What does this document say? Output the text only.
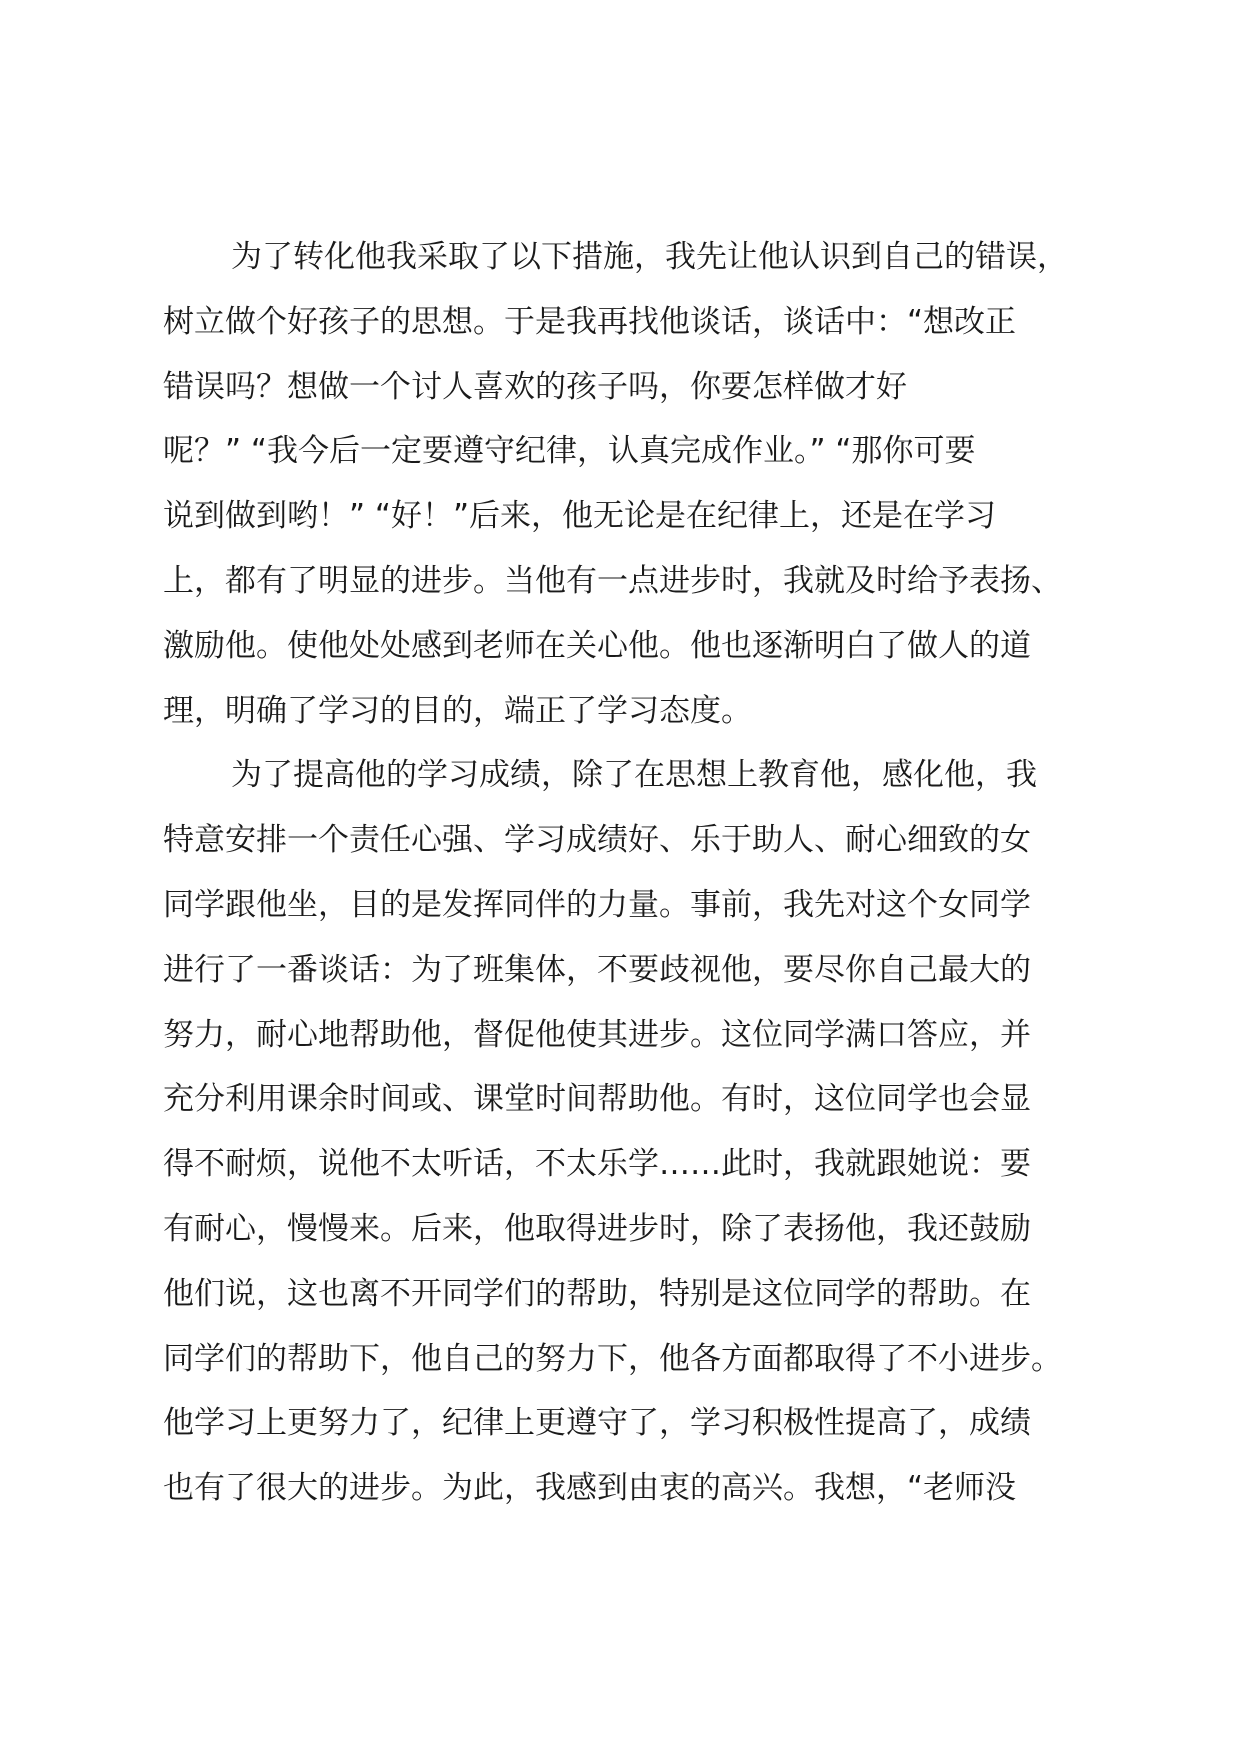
为了转化他我采取了以下措施，我先让他认识到自己的错误，
树立做个好孩子的思想。于是我再找他谈话，谈话中：“想改正
错误吗？想做一个讨人喜欢的孩子吗，你要怎样做才好
呢？” “我今后一定要遵守纪律，认真完成作业。” “那你可要
说到做到哟！” “好！”后来，他无论是在纪律上，还是在学习
上，都有了明显的进步。当他有一点进步时，我就及时给予表扬、
激励他。使他处处感到老师在关心他。他也逐渐明白了做人的道
理，明确了学习的目的，端正了学习态度。
为了提高他的学习成绩，除了在思想上教育他，感化他，我
特意安排一个责任心强、学习成绩好、乐于助人、耐心细致的女
同学跟他坐，目的是发挥同伴的力量。事前，我先对这个女同学
进行了一番谈话：为了班集体，不要歧视他，要尽你自己最大的
努力，耐心地帮助他，督促他使其进步。这位同学满口答应，并
充分利用课余时间或、课堂时间帮助他。有时，这位同学也会显
得不耐烦，说他不太听话，不太乐学……此时，我就跟她说：要
有耐心，慢慢来。后来，他取得进步时，除了表扬他，我还鼓励
他们说，这也离不开同学们的帮助，特别是这位同学的帮助。在
同学们的帮助下，他自己的努力下，他各方面都取得了不小进步。
他学习上更努力了，纪律上更遵守了，学习积极性提高了，成绩
也有了很大的进步。为此，我感到由衷的高兴。我想，“老师没
